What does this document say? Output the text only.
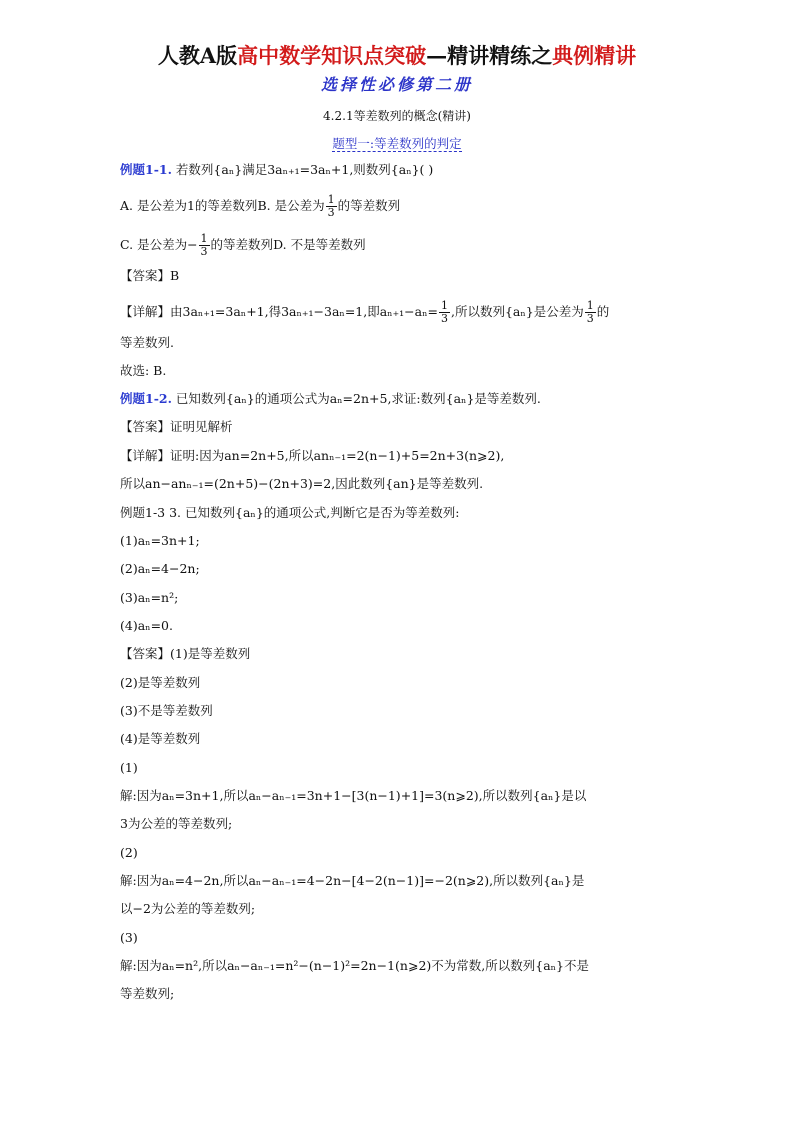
人教A版高中数学知识点突破—精讲精练之典例精讲
选择性必修第二册
4.2.1等差数列的概念(精讲)
题型一:等差数列的判定
例题1-1. 若数列{aₙ}满足3aₙ₊₁=3aₙ+1,则数列{aₙ}( )
A. 是公差为1的等差数列B. 是公差为 $\frac{1}{3}$ 的等差数列
C. 是公差为− $\frac{1}{3}$ 的等差数列D. 不是等差数列
【答案】B
【详解】由3aₙ₊₁=3aₙ+1,得3aₙ₊₁−3aₙ=1,即$a_{n+1}-a_n= \frac{1}{3}$ ,所以数列{aₙ}是公差为 $\frac{1}{3}$ 的
等差数列.
故选: B.
例题1-2. 已知数列{aₙ}的通项公式为aₙ=2n+5,求证:数列{aₙ}是等差数列.
【答案】证明见解析
【详解】证明:因为an=2n+5,所以anₙ₋₁=2(n−1)+5=2n+3(n⩾2),
所以an−anₙ₋₁=(2n+5)−(2n+3)=2,因此数列{an}是等差数列.
例题1-3 3. 已知数列{aₙ}的通项公式,判断它是否为等差数列:
(1)aₙ=3n+1;
(2)aₙ=4−2n;
(3)aₙ=n²;
(4)aₙ=0.
【答案】(1)是等差数列
(2)是等差数列
(3)不是等差数列
(4)是等差数列
(1)
解:因为aₙ=3n+1,所以aₙ−aₙ₋₁=3n+1−[3(n−1)+1]=3(n⩾2),所以数列{aₙ}是以
3为公差的等差数列;
(2)
解:因为aₙ=4−2n,所以aₙ−aₙ₋₁=4−2n−[4−2(n−1)]=−2(n⩾2),所以数列{aₙ}是
以−2为公差的等差数列;
(3)
解:因为aₙ=n²,所以aₙ−aₙ₋₁=n²−(n−1)²=2n−1(n⩾2)不为常数,所以数列{aₙ}不是
等差数列;
